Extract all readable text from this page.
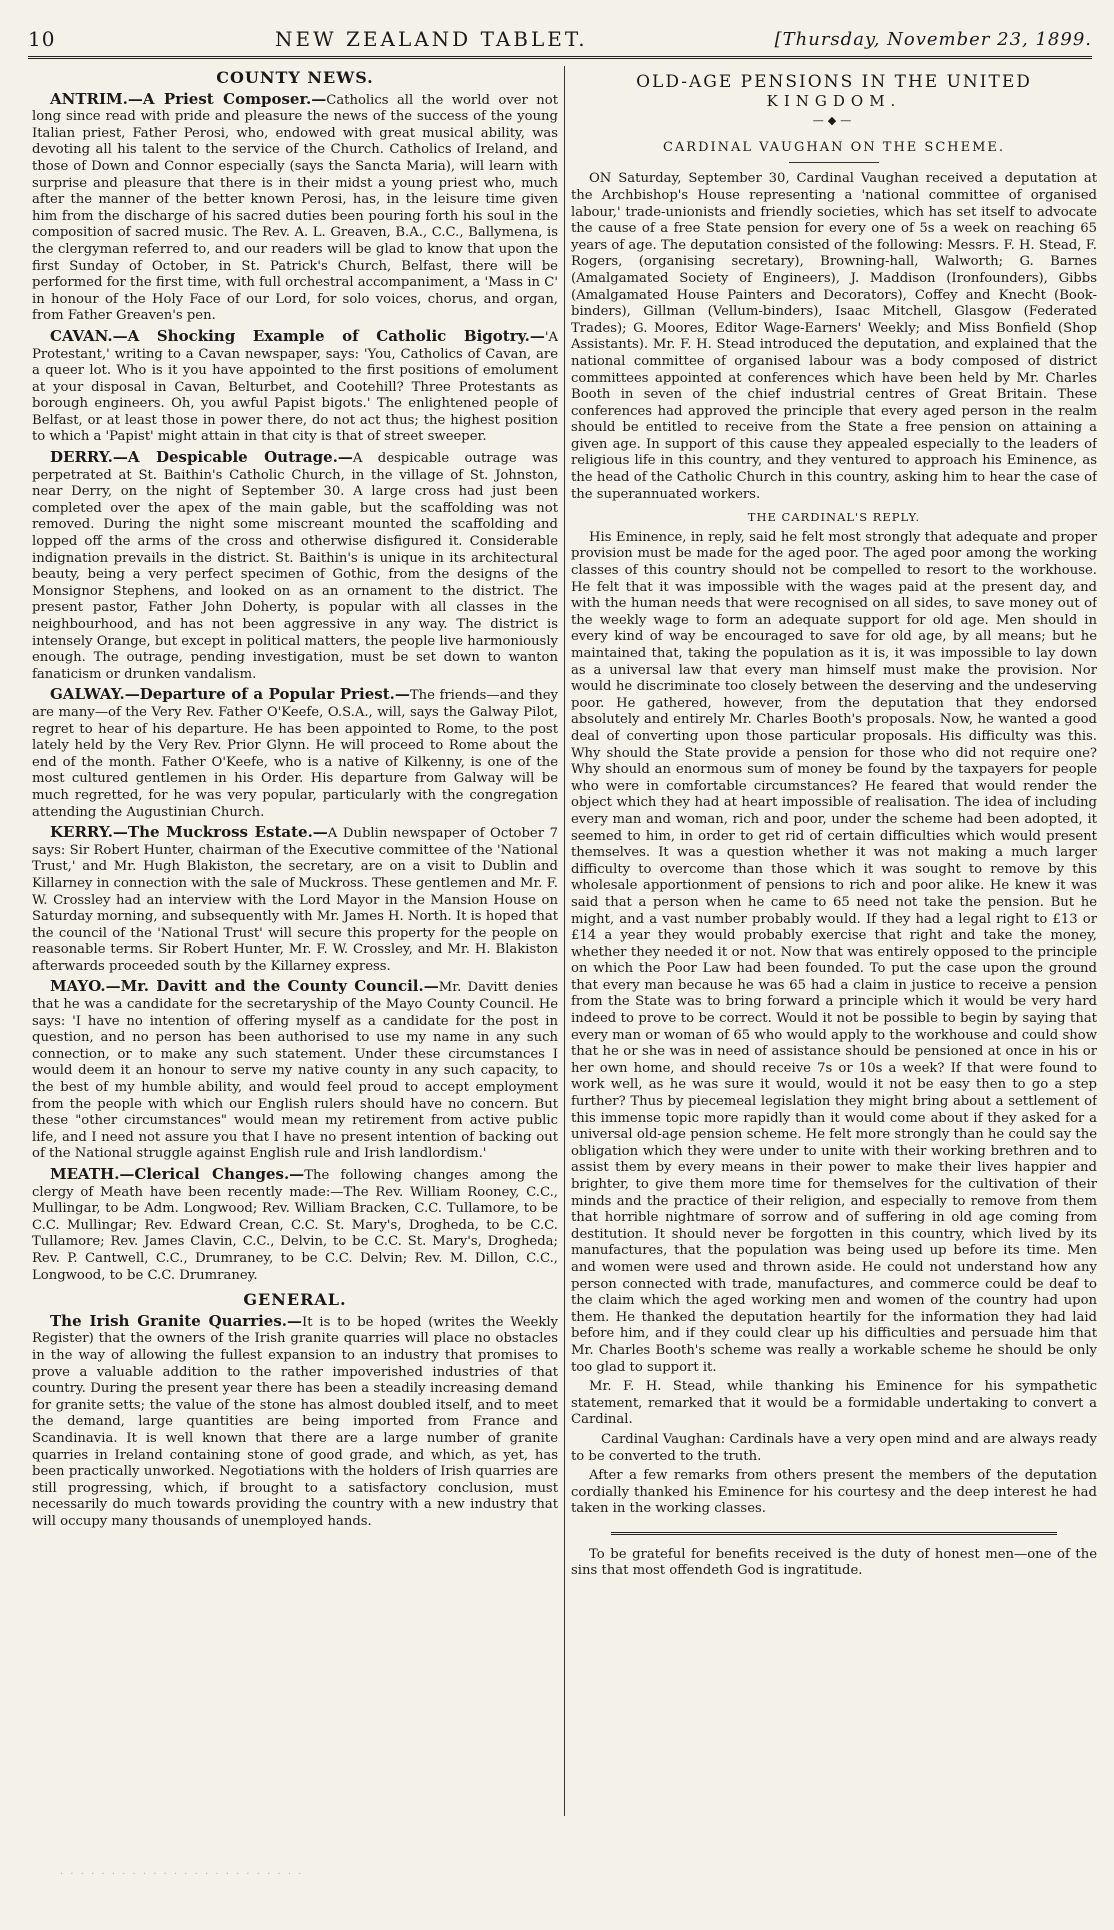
10	NEW ZEALAND TABLET.	[Thursday, November 23, 1899.
COUNTY NEWS.

ANTRIM.—A Priest Composer.—Catholics all the world over not long since read with pride and pleasure the news of the success of the young Italian priest, Father Perosi, who, endowed with great musical ability, was devoting all his talent to the service of the Church. Catholics of Ireland, and those of Down and Connor especially (says the Sancta Maria), will learn with surprise and pleasure that there is in their midst a young priest who, much after the manner of the better known Perosi, has, in the leisure time given him from the discharge of his sacred duties been pouring forth his soul in the composition of sacred music. The Rev. A. L. Greaven, B.A., C.C., Ballymena, is the clergyman referred to, and our readers will be glad to know that upon the first Sunday of October, in St. Patrick's Church, Belfast, there will be performed for the first time, with full orchestral accompaniment, a 'Mass in C' in honour of the Holy Face of our Lord, for solo voices, chorus, and organ, from Father Greaven's pen.

CAVAN.—A Shocking Example of Catholic Bigotry.—'A Protestant,' writing to a Cavan newspaper, says: 'You, Catholics of Cavan, are a queer lot. Who is it you have appointed to the first positions of emolument at your disposal in Cavan, Belturbet, and Cootehill? Three Protestants as borough engineers. Oh, you awful Papist bigots.' The enlightened people of Belfast, or at least those in power there, do not act thus; the highest position to which a 'Papist' might attain in that city is that of street sweeper.

DERRY.—A Despicable Outrage.—A despicable outrage was perpetrated at St. Baithin's Catholic Church, in the village of St. Johnston, near Derry, on the night of September 30. A large cross had just been completed over the apex of the main gable, but the scaffolding was not removed. During the night some miscreant mounted the scaffolding and lopped off the arms of the cross and otherwise disfigured it. Considerable indignation prevails in the district. St. Baithin's is unique in its architectural beauty, being a very perfect specimen of Gothic, from the designs of the Monsignor Stephens, and looked on as an ornament to the district. The present pastor, Father John Doherty, is popular with all classes in the neighbourhood, and has not been aggressive in any way. The district is intensely Orange, but except in political matters, the people live harmoniously enough. The outrage, pending investigation, must be set down to wanton fanaticism or drunken vandalism.

GALWAY.—Departure of a Popular Priest.—The friends—and they are many—of the Very Rev. Father O'Keefe, O.S.A., will, says the Galway Pilot, regret to hear of his departure. He has been appointed to Rome, to the post lately held by the Very Rev. Prior Glynn. He will proceed to Rome about the end of the month. Father O'Keefe, who is a native of Kilkenny, is one of the most cultured gentlemen in his Order. His departure from Galway will be much regretted, for he was very popular, particularly with the congregation attending the Augustinian Church.

KERRY.—The Muckross Estate.—A Dublin newspaper of October 7 says: Sir Robert Hunter, chairman of the Executive committee of the 'National Trust,' and Mr. Hugh Blakiston, the secretary, are on a visit to Dublin and Killarney in connection with the sale of Muckross. These gentlemen and Mr. F. W. Crossley had an interview with the Lord Mayor in the Mansion House on Saturday morning, and subsequently with Mr. James H. North. It is hoped that the council of the 'National Trust' will secure this property for the people on reasonable terms. Sir Robert Hunter, Mr. F. W. Crossley, and Mr. H. Blakiston afterwards proceeded south by the Killarney express.

MAYO.—Mr. Davitt and the County Council.—Mr. Davitt denies that he was a candidate for the secretaryship of the Mayo County Council. He says: 'I have no intention of offering myself as a candidate for the post in question, and no person has been authorised to use my name in any such connection, or to make any such statement. Under these circumstances I would deem it an honour to serve my native county in any such capacity, to the best of my humble ability, and would feel proud to accept employment from the people with which our English rulers should have no concern. But these "other circumstances" would mean my retirement from active public life, and I need not assure you that I have no present intention of backing out of the National struggle against English rule and Irish landlordism.'

MEATH.—Clerical Changes.—The following changes among the clergy of Meath have been recently made:—The Rev. William Rooney, C.C., Mullingar, to be Adm. Longwood; Rev. William Bracken, C.C. Tullamore, to be C.C. Mullingar; Rev. Edward Crean, C.C. St. Mary's, Drogheda, to be C.C. Tullamore; Rev. James Clavin, C.C., Delvin, to be C.C. St. Mary's, Drogheda; Rev. P. Cantwell, C.C., Drumraney, to be C.C. Delvin; Rev. M. Dillon, C.C., Longwood, to be C.C. Drumraney.

GENERAL.

The Irish Granite Quarries.—It is to be hoped (writes the Weekly Register) that the owners of the Irish granite quarries will place no obstacles in the way of allowing the fullest expansion to an industry that promises to prove a valuable addition to the rather impoverished industries of that country. During the present year there has been a steadily increasing demand for granite setts; the value of the stone has almost doubled itself, and to meet the demand, large quantities are being imported from France and Scandinavia. It is well known that there are a large number of granite quarries in Ireland containing stone of good grade, and which, as yet, has been practically unworked. Negotiations with the holders of Irish quarries are still progressing, which, if brought to a satisfactory conclusion, must necessarily do much towards providing the country with a new industry that will occupy many thousands of unemployed hands.

OLD-AGE PENSIONS IN THE UNITED
KINGDOM.
—◆—
CARDINAL VAUGHAN ON THE SCHEME.

ON Saturday, September 30, Cardinal Vaughan received a deputation at the Archbishop's House representing a 'national committee of organised labour,' trade-unionists and friendly societies, which has set itself to advocate the cause of a free State pension for every one of 5s a week on reaching 65 years of age. The deputation consisted of the following: Messrs. F. H. Stead, F. Rogers, (organising secretary), Browning-hall, Walworth; G. Barnes (Amalgamated Society of Engineers), J. Maddison (Ironfounders), Gibbs (Amalgamated House Painters and Decorators), Coffey and Knecht (Book-binders), Gillman (Vellum-binders), Isaac Mitchell, Glasgow (Federated Trades); G. Moores, Editor Wage-Earners' Weekly; and Miss Bonfield (Shop Assistants). Mr. F. H. Stead introduced the deputation, and explained that the national committee of organised labour was a body composed of district committees appointed at conferences which have been held by Mr. Charles Booth in seven of the chief industrial centres of Great Britain. These conferences had approved the principle that every aged person in the realm should be entitled to receive from the State a free pension on attaining a given age. In support of this cause they appealed especially to the leaders of religious life in this country, and they ventured to approach his Eminence, as the head of the Catholic Church in this country, asking him to hear the case of the superannuated workers.

THE CARDINAL'S REPLY.

His Eminence, in reply, said he felt most strongly that adequate and proper provision must be made for the aged poor. The aged poor among the working classes of this country should not be compelled to resort to the workhouse. He felt that it was impossible with the wages paid at the present day, and with the human needs that were recognised on all sides, to save money out of the weekly wage to form an adequate support for old age. Men should in every kind of way be encouraged to save for old age, by all means; but he maintained that, taking the population as it is, it was impossible to lay down as a universal law that every man himself must make the provision. Nor would he discriminate too closely between the deserving and the undeserving poor. He gathered, however, from the deputation that they endorsed absolutely and entirely Mr. Charles Booth's proposals. Now, he wanted a good deal of converting upon those particular proposals. His difficulty was this. Why should the State provide a pension for those who did not require one? Why should an enormous sum of money be found by the taxpayers for people who were in comfortable circumstances? He feared that would render the object which they had at heart impossible of realisation. The idea of including every man and woman, rich and poor, under the scheme had been adopted, it seemed to him, in order to get rid of certain difficulties which would present themselves. It was a question whether it was not making a much larger difficulty to overcome than those which it was sought to remove by this wholesale apportionment of pensions to rich and poor alike. He knew it was said that a person when he came to 65 need not take the pension. But he might, and a vast number probably would. If they had a legal right to £13 or £14 a year they would probably exercise that right and take the money, whether they needed it or not. Now that was entirely opposed to the principle on which the Poor Law had been founded. To put the case upon the ground that every man because he was 65 had a claim in justice to receive a pension from the State was to bring forward a principle which it would be very hard indeed to prove to be correct. Would it not be possible to begin by saying that every man or woman of 65 who would apply to the workhouse and could show that he or she was in need of assistance should be pensioned at once in his or her own home, and should receive 7s or 10s a week? If that were found to work well, as he was sure it would, would it not be easy then to go a step further? Thus by piecemeal legislation they might bring about a settlement of this immense topic more rapidly than it would come about if they asked for a universal old-age pension scheme. He felt more strongly than he could say the obligation which they were under to unite with their working brethren and to assist them by every means in their power to make their lives happier and brighter, to give them more time for themselves for the cultivation of their minds and the practice of their religion, and especially to remove from them that horrible nightmare of sorrow and of suffering in old age coming from destitution. It should never be forgotten in this country, which lived by its manufactures, that the population was being used up before its time. Men and women were used and thrown aside. He could not understand how any person connected with trade, manufactures, and commerce could be deaf to the claim which the aged working men and women of the country had upon them. He thanked the deputation heartily for the information they had laid before him, and if they could clear up his difficulties and persuade him that Mr. Charles Booth's scheme was really a workable scheme he should be only too glad to support it.

Mr. F. H. Stead, while thanking his Eminence for his sympathetic statement, remarked that it would be a formidable undertaking to convert a Cardinal.

Cardinal Vaughan: Cardinals have a very open mind and are always ready to be converted to the truth.

After a few remarks from others present the members of the deputation cordially thanked his Eminence for his courtesy and the deep interest he had taken in the working classes.

To be grateful for benefits received is the duty of honest men—one of the sins that most offendeth God is ingratitude.

· · · · · · · · · · · · · · · · · · · · · · · ·
